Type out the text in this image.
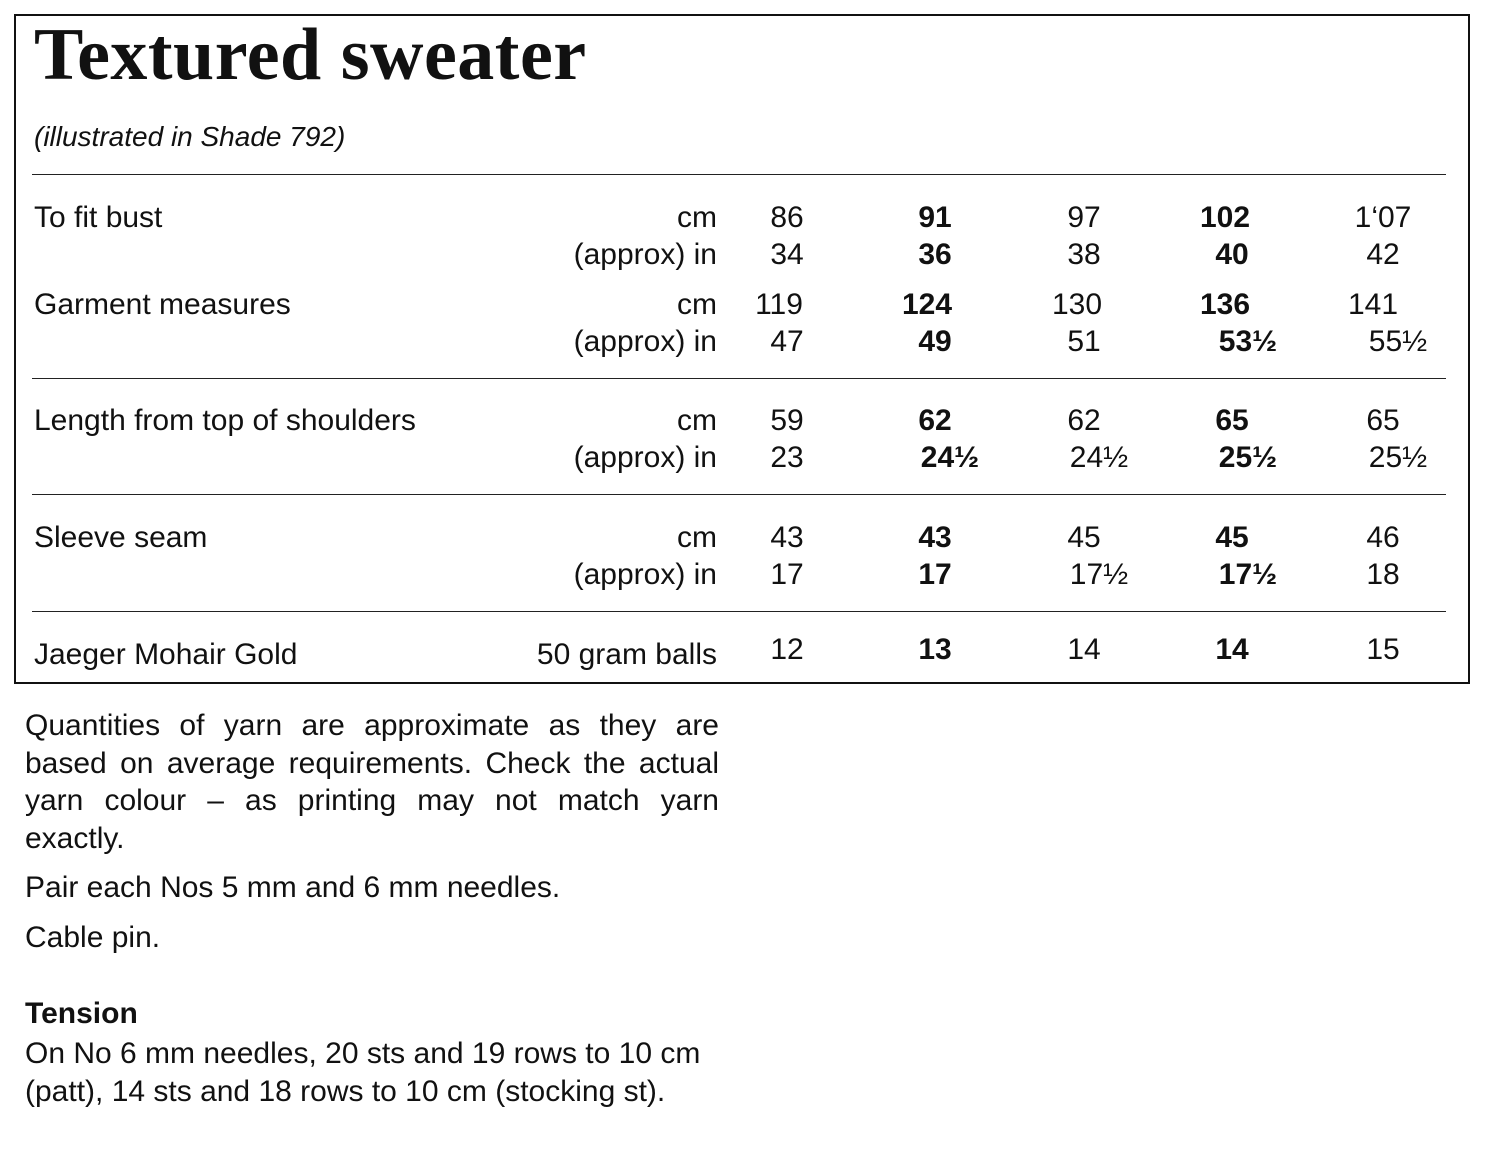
Textured sweater
(illustrated in Shade 792)
To fit bust	cm	86	91	97	102	1‘07
(approx) in	34	36	38	40	42
Garment measures	cm	119	124	130	136	141
(approx) in	47	49	51	53½	55½
Length from top of shoulders	cm	59	62	62	65	65
(approx) in	23	24½	24½	25½	25½
Sleeve seam	cm	43	43	45	45	46
(approx) in	17	17	17½	17½	18
Jaeger Mohair Gold	50 gram balls	12	13	14	14	15
Quantities of yarn are approximate as they are based on average requirements. Check the actual yarn colour – as printing may not match yarn exactly.
Pair each Nos 5 mm and 6 mm needles.
Cable pin.
Tension
On No 6 mm needles, 20 sts and 19 rows to 10 cm (patt), 14 sts and 18 rows to 10 cm (stocking st).
